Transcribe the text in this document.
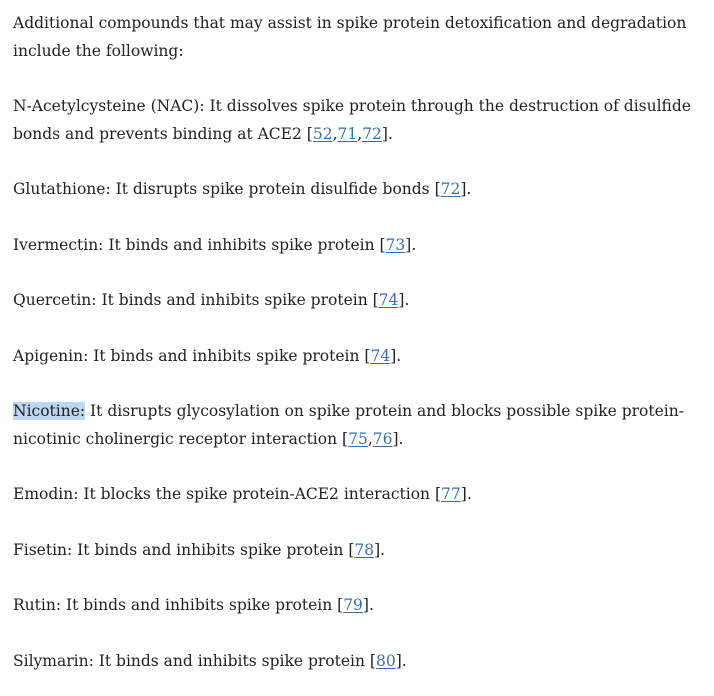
Additional compounds that may assist in spike protein detoxification and degradation include the following:

N-Acetylcysteine (NAC): It dissolves spike protein through the destruction of disulfide bonds and prevents binding at ACE2 [52,71,72].

Glutathione: It disrupts spike protein disulfide bonds [72].

Ivermectin: It binds and inhibits spike protein [73].

Quercetin: It binds and inhibits spike protein [74].

Apigenin: It binds and inhibits spike protein [74].

Nicotine: It disrupts glycosylation on spike protein and blocks possible spike protein-nicotinic cholinergic receptor interaction [75,76].

Emodin: It blocks the spike protein-ACE2 interaction [77].

Fisetin: It binds and inhibits spike protein [78].

Rutin: It binds and inhibits spike protein [79].

Silymarin: It binds and inhibits spike protein [80].
